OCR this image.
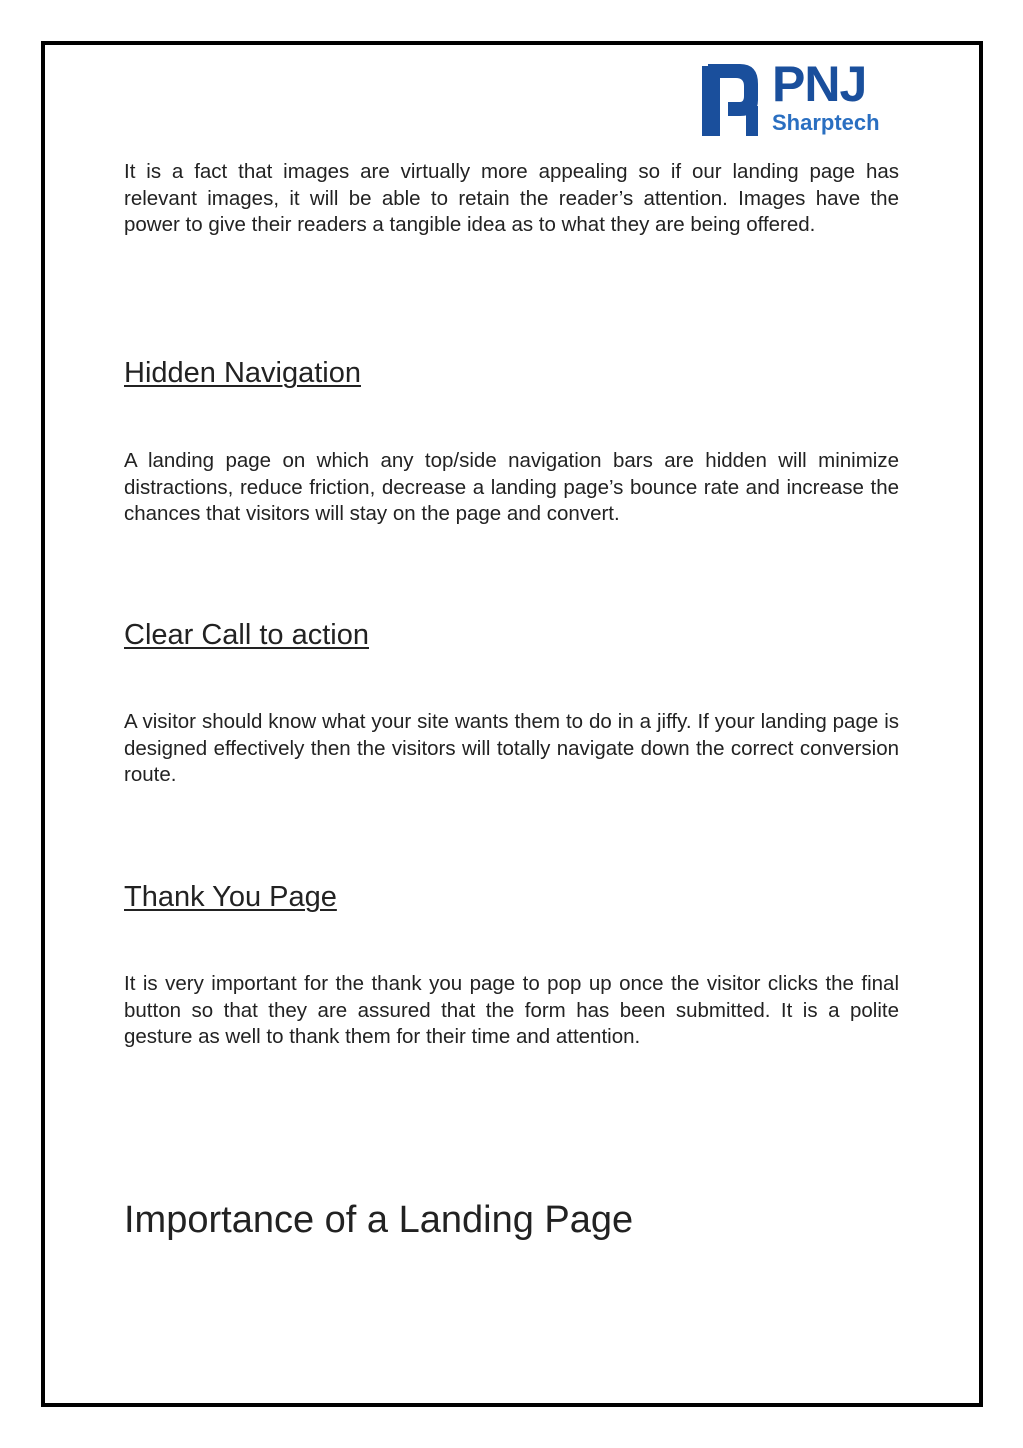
PNJ
Sharptech

It is a fact that images are virtually more appealing so if our landing page has relevant images, it will be able to retain the reader’s attention. Images have the power to give their readers a tangible idea as to what they are being offered.

Hidden Navigation

A landing page on which any top/side navigation bars are hidden will minimize distractions, reduce friction, decrease a landing page’s bounce rate and increase the chances that visitors will stay on the page and convert.

Clear Call to action

A visitor should know what your site wants them to do in a jiffy. If your landing page is designed effectively then the visitors will totally navigate down the correct conversion route.

Thank You Page

It is very important for the thank you page to pop up once the visitor clicks the final button so that they are assured that the form has been submitted. It is a polite gesture as well to thank them for their time and attention.

Importance of a Landing Page
